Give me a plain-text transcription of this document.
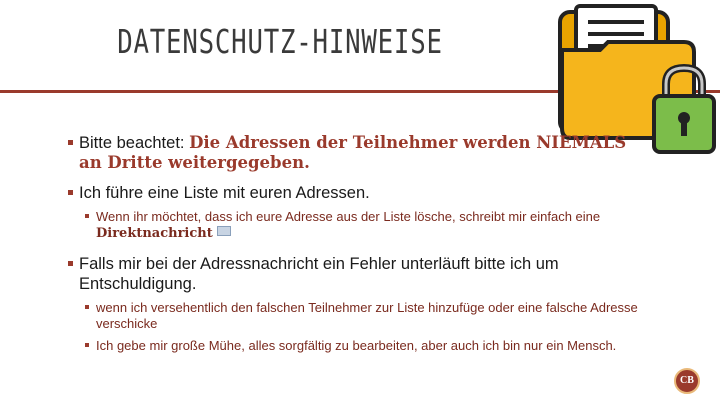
DATENSCHUTZ-HINWEISE
Bitte beachtet: Die Adressen der Teilnehmer werden NIEMALS an Dritte weitergegeben.
Ich führe eine Liste mit euren Adressen.
Wenn ihr möchtet, dass ich eure Adresse aus der Liste lösche, schreibt mir einfach eine Direktnachricht
Falls mir bei der Adressnachricht ein Fehler unterläuft bitte ich um Entschuldigung.
wenn ich versehentlich den falschen Teilnehmer zur Liste hinzufüge oder eine falsche Adresse verschicke
Ich gebe mir große Mühe, alles sorgfältig zu bearbeiten, aber auch ich bin nur ein Mensch.
CB
